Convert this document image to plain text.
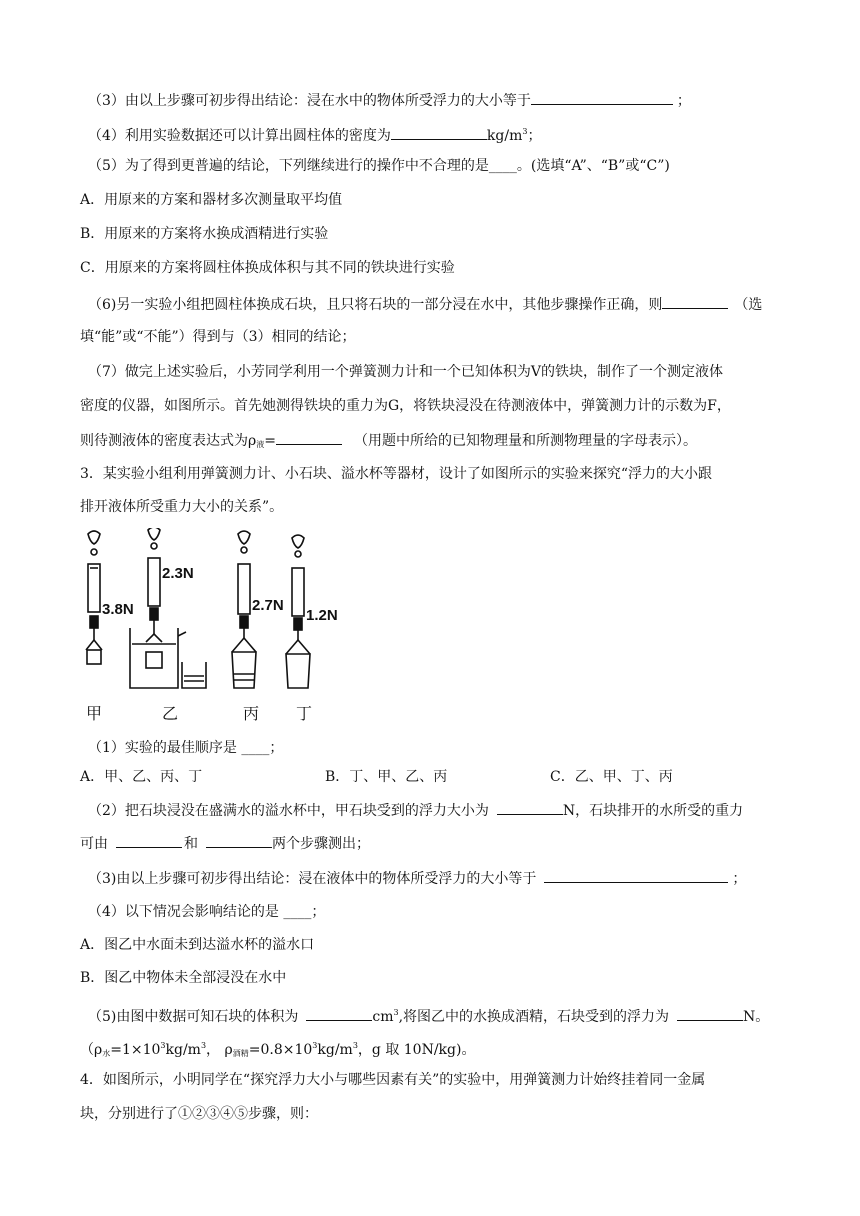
（3）由以上步骤可初步得出结论：浸在水中的物体所受浮力的大小等于	；
（4）利用实验数据还可以计算出圆柱体的密度为	$kg/m^3$；
（5）为了得到更普遍的结论，下列继续进行的操作中不合理的是____。(选填“A”、“B”或“C”)
A．用原来的方案和器材多次测量取平均值
B．用原来的方案将水换成酒精进行实验
C．用原来的方案将圆柱体换成体积与其不同的铁块进行实验
（6)另一实验小组把圆柱体换成石块，且只将石块的一部分浸在水中，其他步骤操作正确，则	（选
填“能”或“不能”）得到与（3）相同的结论；
（7）做完上述实验后，小芳同学利用一个弹簧测力计和一个已知体积为V的铁块，制作了一个测定液体
密度的仪器，如图所示。首先她测得铁块的重力为G，将铁块浸没在待测液体中，弹簧测力计的示数为F，
则待测液体的密度表达式为$\rho_液=$	（用题中所给的已知物理量和所测物理量的字母表示）。
3．某实验小组利用弹簧测力计、小石块、溢水杯等器材，设计了如图所示的实验来探究“浮力的大小跟
排开液体所受重力大小的关系”。
3.8N
2.3N
2.7N
1.2N
甲	乙	丙 丁
（1）实验的最佳顺序是 ____；
A．甲、乙、丙、丁	B．丁、甲、乙、丙	C．乙、甲、丁、丙
（2）把石块浸没在盛满水的溢水杯中，甲石块受到的浮力大小为	N，石块排开的水所受的重力
可由	和	两个步骤测出；
（3)由以上步骤可初步得出结论：浸在液体中的物体所受浮力的大小等于	；
（4）以下情况会影响结论的是 ____；
A．图乙中水面未到达溢水杯的溢水口
B．图乙中物体未全部浸没在水中
（5)由图中数据可知石块的体积为	$cm^3$,将图乙中的水换成酒精，石块受到的浮力为	N。
（$\rho_水=1\times 10^3kg/m^3$， $\rho_{酒精}=0.8\times 10^3kg/m^3$，g 取 10N/kg)。
4．如图所示，小明同学在“探究浮力大小与哪些因素有关”的实验中，用弹簧测力计始终挂着同一金属
块，分别进行了①②③④⑤步骤，则：
